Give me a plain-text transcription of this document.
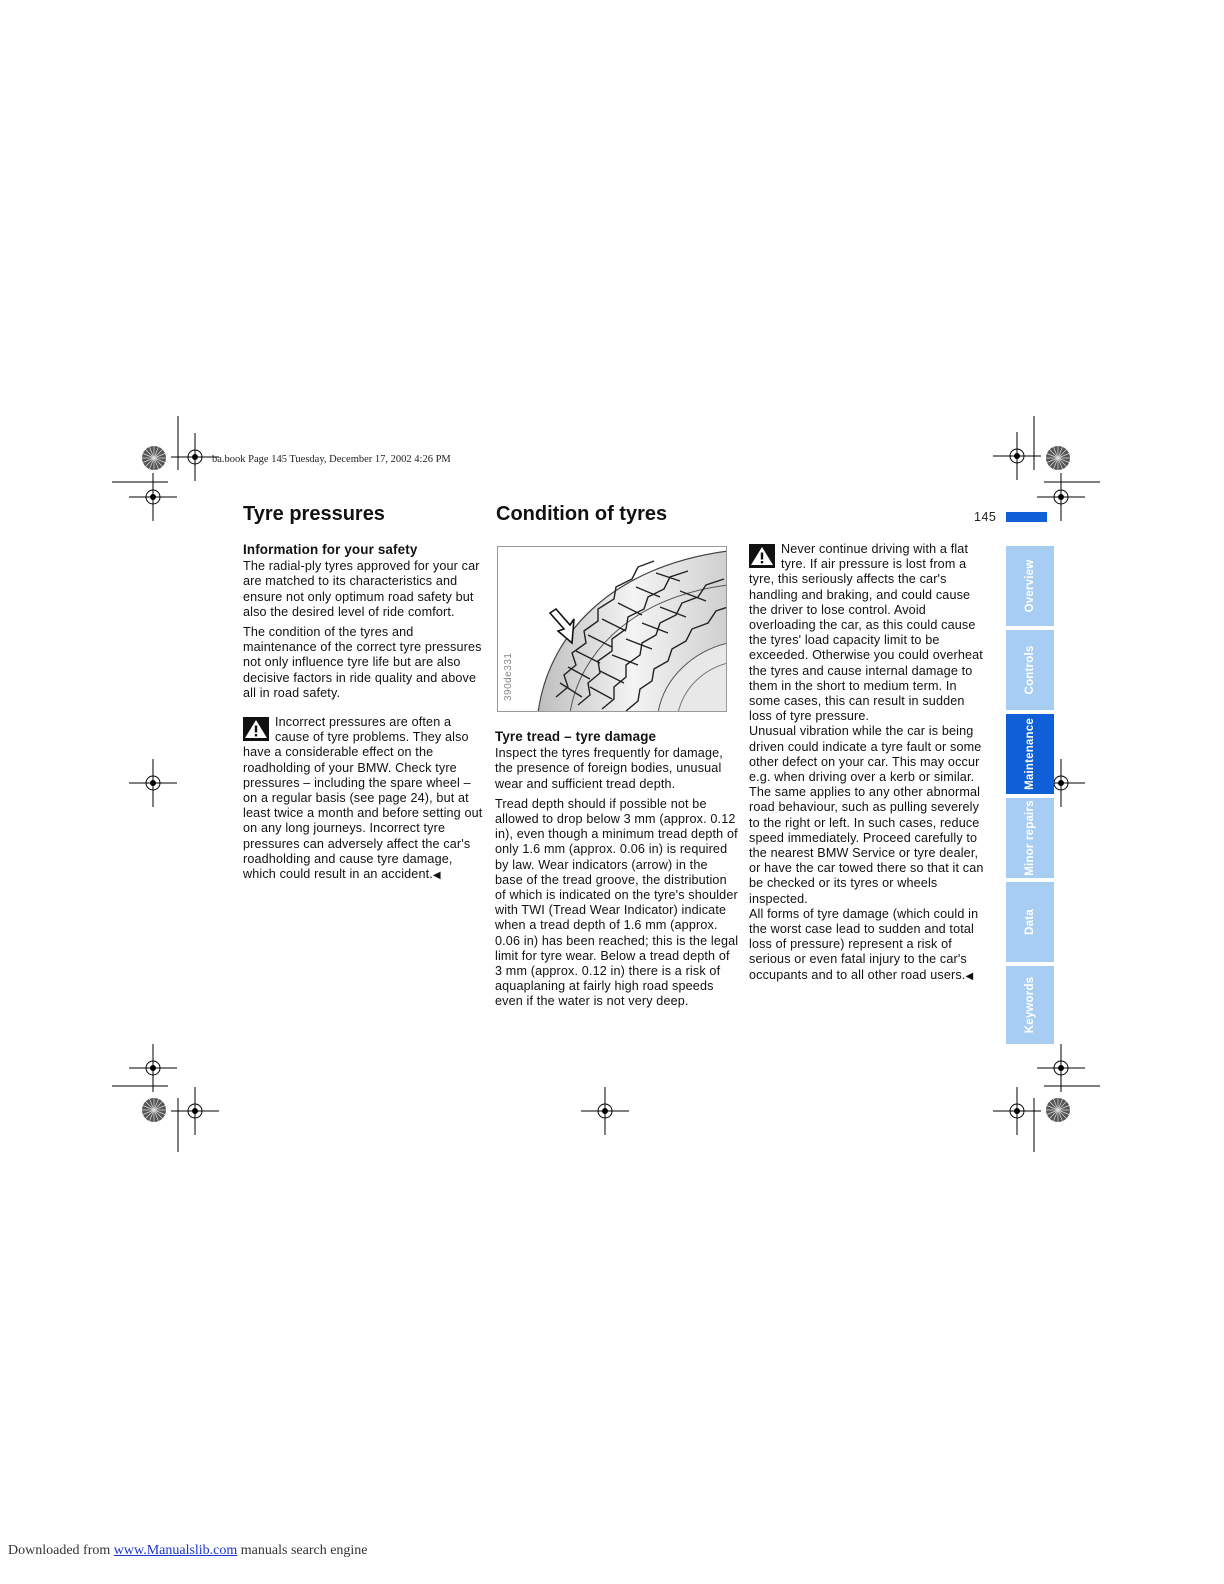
ba.book Page 145 Tuesday, December 17, 2002 4:26 PM
145
Tyre pressures	Condition of tyres
Information for your safety

The radial-ply tyres approved for your car are matched to its characteristics and ensure not only optimum road safety but also the desired level of ride comfort.

The condition of the tyres and maintenance of the correct tyre pressures not only influence tyre life but are also decisive factors in ride quality and above all in road safety.

Incorrect pressures are often a cause of tyre problems. They also have a considerable effect on the roadholding of your BMW. Check tyre pressures – including the spare wheel – on a regular basis (see page 24), but at least twice a month and before setting out on any long journeys. Incorrect tyre pressures can adversely affect the car's roadholding and cause tyre damage, which could result in an accident.◀
390de331
Tyre tread – tyre damage

Inspect the tyres frequently for damage, the presence of foreign bodies, unusual wear and sufficient tread depth.

Tread depth should if possible not be allowed to drop below 3 mm (approx. 0.12 in), even though a minimum tread depth of only 1.6 mm (approx. 0.06 in) is required by law. Wear indicators (arrow) in the base of the tread groove, the distribution of which is indicated on the tyre's shoulder with TWI (Tread Wear Indicator) indicate when a tread depth of 1.6 mm (approx. 0.06 in) has been reached; this is the legal limit for tyre wear. Below a tread depth of 3 mm (approx. 0.12 in) there is a risk of aquaplaning at fairly high road speeds even if the water is not very deep.

Never continue driving with a flat tyre. If air pressure is lost from a tyre, this seriously affects the car's handling and braking, and could cause the driver to lose control. Avoid overloading the car, as this could cause the tyres' load capacity limit to be exceeded. Otherwise you could overheat the tyres and cause internal damage to them in the short to medium term. In some cases, this can result in sudden loss of tyre pressure.

Unusual vibration while the car is being driven could indicate a tyre fault or some other defect on your car. This may occur e.g. when driving over a kerb or similar. The same applies to any other abnormal road behaviour, such as pulling severely to the right or left. In such cases, reduce speed immediately. Proceed carefully to the nearest BMW Service or tyre dealer, or have the car towed there so that it can be checked or its tyres or wheels inspected.

All forms of tyre damage (which could in the worst case lead to sudden and total loss of pressure) represent a risk of serious or even fatal injury to the car's occupants and to all other road users.◀

Overview
Controls
Maintenance
Minor repairs
Data
Keywords
Downloaded from www.Manualslib.com manuals search engine
